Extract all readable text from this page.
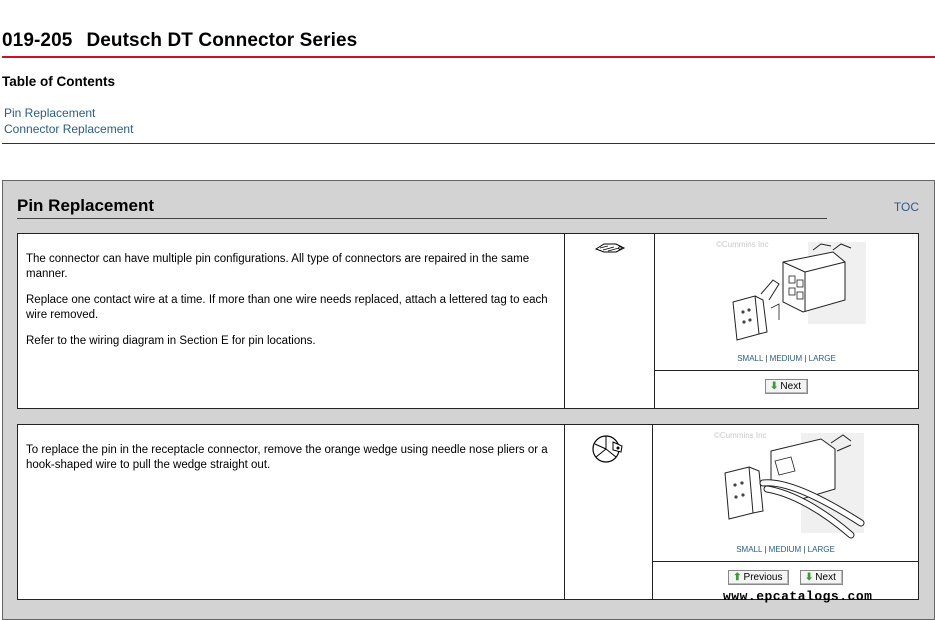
019-205 Deutsch DT Connector Series
Table of Contents
Pin Replacement
Connector Replacement
Pin Replacement	TOC

The connector can have multiple pin configurations. All type of connectors are repaired in the same manner.

Replace one contact wire at a time. If more than one wire needs replaced, attach a lettered tag to each wire removed.

Refer to the wiring diagram in Section E for pin locations.

©Cummins Inc
SMALL | MEDIUM | LARGE
⬇ Next

To replace the pin in the receptacle connector, remove the orange wedge using needle nose pliers or a hook-shaped wire to pull the wedge straight out.

©Cummins Inc
SMALL | MEDIUM | LARGE
⬆ Previous ⬇ Next
www.epcatalogs.com
